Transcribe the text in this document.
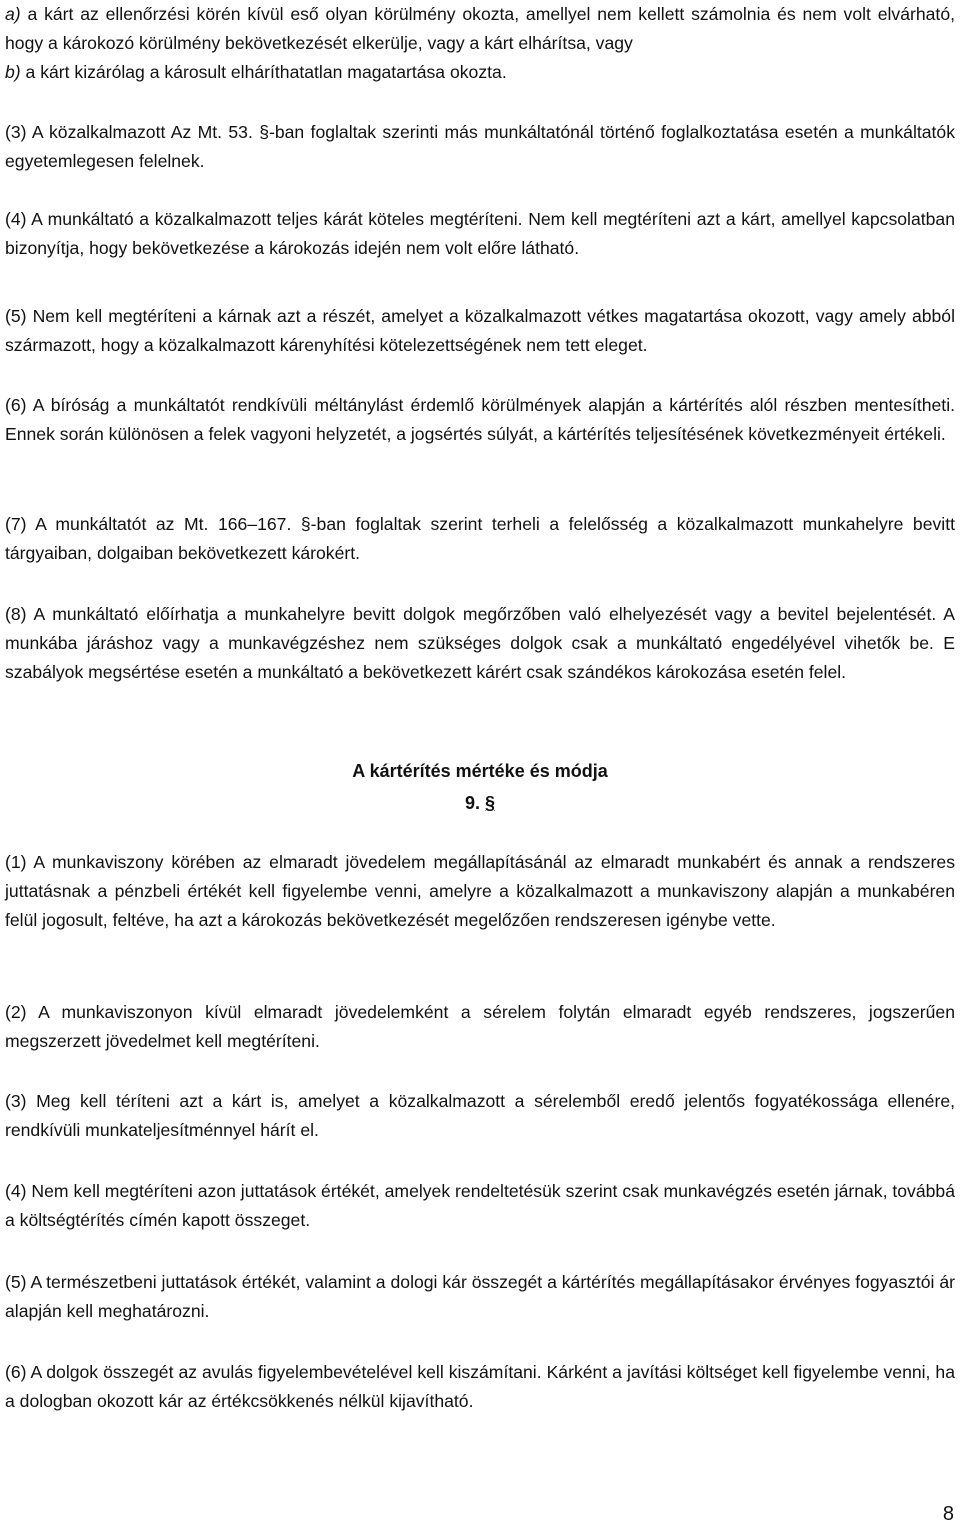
a) a kárt az ellenőrzési körén kívül eső olyan körülmény okozta, amellyel nem kellett számolnia és nem volt elvárható, hogy a károkozó körülmény bekövetkezését elkerülje, vagy a kárt elhárítsa, vagy
b) a kárt kizárólag a károsult elháríthatatlan magatartása okozta.

(3) A közalkalmazott Az Mt. 53. §-ban foglaltak szerinti más munkáltatónál történő foglalkoztatása esetén a munkáltatók egyetemlegesen felelnek.

(4) A munkáltató a közalkalmazott teljes kárát köteles megtéríteni. Nem kell megtéríteni azt a kárt, amellyel kapcsolatban bizonyítja, hogy bekövetkezése a károkozás idején nem volt előre látható.

(5) Nem kell megtéríteni a kárnak azt a részét, amelyet a közalkalmazott vétkes magatartása okozott, vagy amely abból származott, hogy a közalkalmazott kárenyhítési kötelezettségének nem tett eleget.

(6) A bíróság a munkáltatót rendkívüli méltánylást érdemlő körülmények alapján a kártérítés alól részben mentesítheti. Ennek során különösen a felek vagyoni helyzetét, a jogsértés súlyát, a kártérítés teljesítésének következményeit értékeli.

(7) A munkáltatót az Mt. 166–167. §-ban foglaltak szerint terheli a felelősség a közalkalmazott munkahelyre bevitt tárgyaiban, dolgaiban bekövetkezett károkért.

(8) A munkáltató előírhatja a munkahelyre bevitt dolgok megőrzőben való elhelyezését vagy a bevitel bejelentését. A munkába járáshoz vagy a munkavégzéshez nem szükséges dolgok csak a munkáltató engedélyével vihetők be. E szabályok megsértése esetén a munkáltató a bekövetkezett kárért csak szándékos károkozása esetén felel.

A kártérítés mértéke és módja
9. §

(1) A munkaviszony körében az elmaradt jövedelem megállapításánál az elmaradt munkabért és annak a rendszeres juttatásnak a pénzbeli értékét kell figyelembe venni, amelyre a közalkalmazott a munkaviszony alapján a munkabéren felül jogosult, feltéve, ha azt a károkozás bekövetkezését megelőzően rendszeresen igénybe vette.

(2) A munkaviszonyon kívül elmaradt jövedelemként a sérelem folytán elmaradt egyéb rendszeres, jogszerűen megszerzett jövedelmet kell megtéríteni.

(3) Meg kell téríteni azt a kárt is, amelyet a közalkalmazott a sérelemből eredő jelentős fogyatékossága ellenére, rendkívüli munkateljesítménnyel hárít el.

(4) Nem kell megtéríteni azon juttatások értékét, amelyek rendeltetésük szerint csak munkavégzés esetén járnak, továbbá a költségtérítés címén kapott összeget.

(5) A természetbeni juttatások értékét, valamint a dologi kár összegét a kártérítés megállapításakor érvényes fogyasztói ár alapján kell meghatározni.

(6) A dolgok összegét az avulás figyelembevételével kell kiszámítani. Kárként a javítási költséget kell figyelembe venni, ha a dologban okozott kár az értékcsökkenés nélkül kijavítható.

8
